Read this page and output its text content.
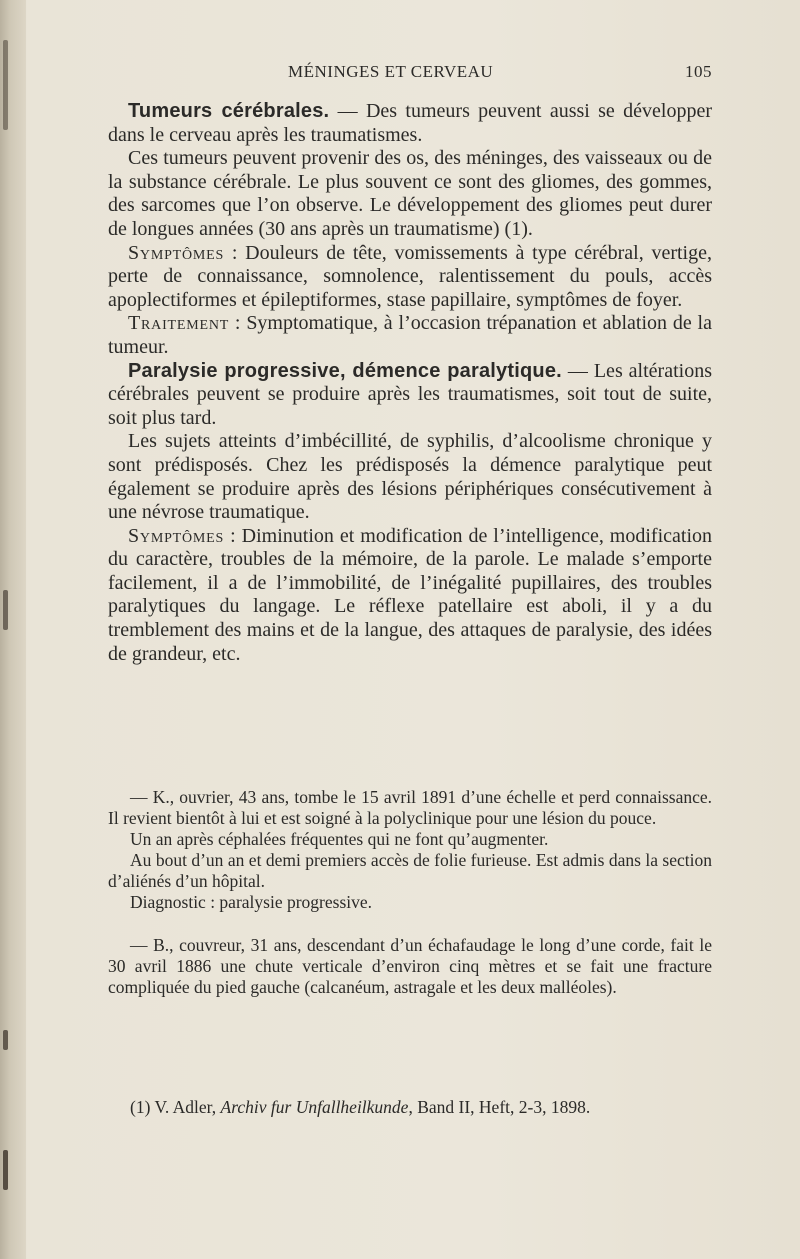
MÉNINGES ET CERVEAU	105

Tumeurs cérébrales. — Des tumeurs peuvent aussi se développer dans le cerveau après les traumatismes.

Ces tumeurs peuvent provenir des os, des méninges, des vaisseaux ou de la substance cérébrale. Le plus souvent ce sont des gliomes, des gommes, des sarcomes que l’on observe. Le développement des gliomes peut durer de longues années (30 ans après un traumatisme) (1).

Symptômes : Douleurs de tête, vomissements à type cérébral, vertige, perte de connaissance, somnolence, ralentissement du pouls, accès apoplectiformes et épileptiformes, stase papillaire, symptômes de foyer.

Traitement : Symptomatique, à l’occasion trépanation et ablation de la tumeur.

Paralysie progressive, démence paralytique. — Les altérations cérébrales peuvent se produire après les traumatismes, soit tout de suite, soit plus tard.

Les sujets atteints d’imbécillité, de syphilis, d’alcoolisme chronique y sont prédisposés. Chez les prédisposés la démence paralytique peut également se produire après des lésions périphériques consécutivement à une névrose traumatique.

Symptômes : Diminution et modification de l’intelligence, modification du caractère, troubles de la mémoire, de la parole. Le malade s’emporte facilement, il a de l’immobilité, de l’inégalité pupillaires, des troubles paralytiques du langage. Le réflexe patellaire est aboli, il y a du tremblement des mains et de la langue, des attaques de paralysie, des idées de grandeur, etc.

— K., ouvrier, 43 ans, tombe le 15 avril 1891 d’une échelle et perd connaissance. Il revient bientôt à lui et est soigné à la polyclinique pour une lésion du pouce.

Un an après céphalées fréquentes qui ne font qu’augmenter.

Au bout d’un an et demi premiers accès de folie furieuse. Est admis dans la section d’aliénés d’un hôpital.

Diagnostic : paralysie progressive.

— B., couvreur, 31 ans, descendant d’un échafaudage le long d’une corde, fait le 30 avril 1886 une chute verticale d’environ cinq mètres et se fait une fracture compliquée du pied gauche (calcanéum, astragale et les deux malléoles).

(1) V. Adler, Archiv fur Unfallheilkunde, Band II, Heft, 2-3, 1898.
